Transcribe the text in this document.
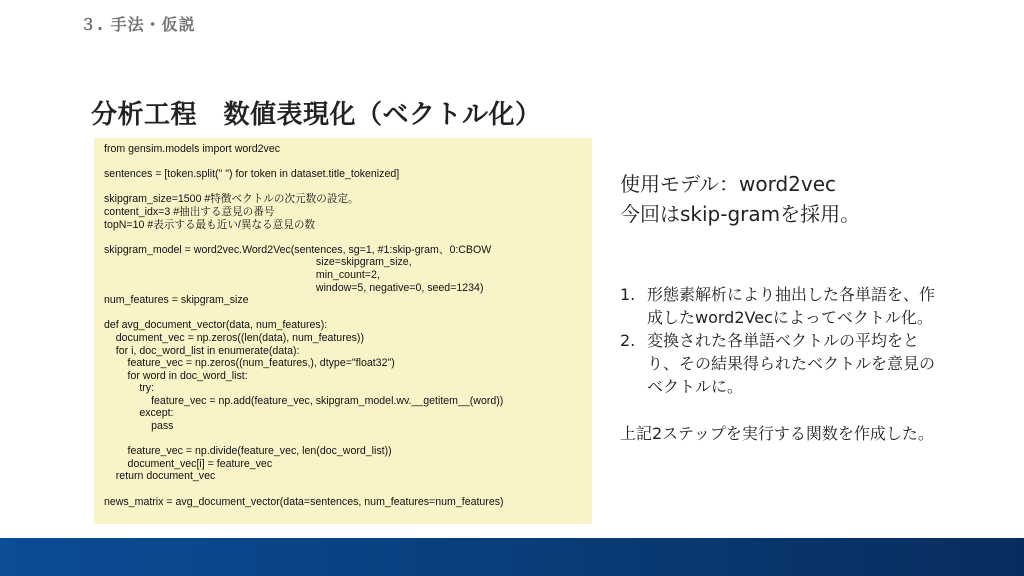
３. 手法・仮説
分析工程　数値表現化（ベクトル化）
from gensim.models import word2vec
sentences = [token.split(" ") for token in dataset.title_tokenized]
skipgram_size=1500 #特徴ベクトルの次元数の設定。
content_idx=3 #抽出する意見の番号
topN=10 #表示する最も近い/異なる意見の数
skipgram_model = word2vec.Word2Vec(sentences, sg=1, #1:skip-gram、0:CBOW
size=skipgram_size,
min_count=2,
window=5, negative=0, seed=1234)
num_features = skipgram_size
def avg_document_vector(data, num_features):
document_vec = np.zeros((len(data), num_features))
for i, doc_word_list in enumerate(data):
feature_vec = np.zeros((num_features,), dtype="float32")
for word in doc_word_list:
try:
feature_vec = np.add(feature_vec, skipgram_model.wv.__getitem__(word))
except:
pass
feature_vec = np.divide(feature_vec, len(doc_word_list))
document_vec[i] = feature_vec
return document_vec
news_matrix = avg_document_vector(data=sentences, num_features=num_features)
使用モデル：word2vec
今回はskip-gramを採用。
1. 形態素解析により抽出した各単語を、作成したword2Vecによってベクトル化。
2. 変換された各単語ベクトルの平均をとり、その結果得られたベクトルを意見のベクトルに。
上記2ステップを実行する関数を作成した。
